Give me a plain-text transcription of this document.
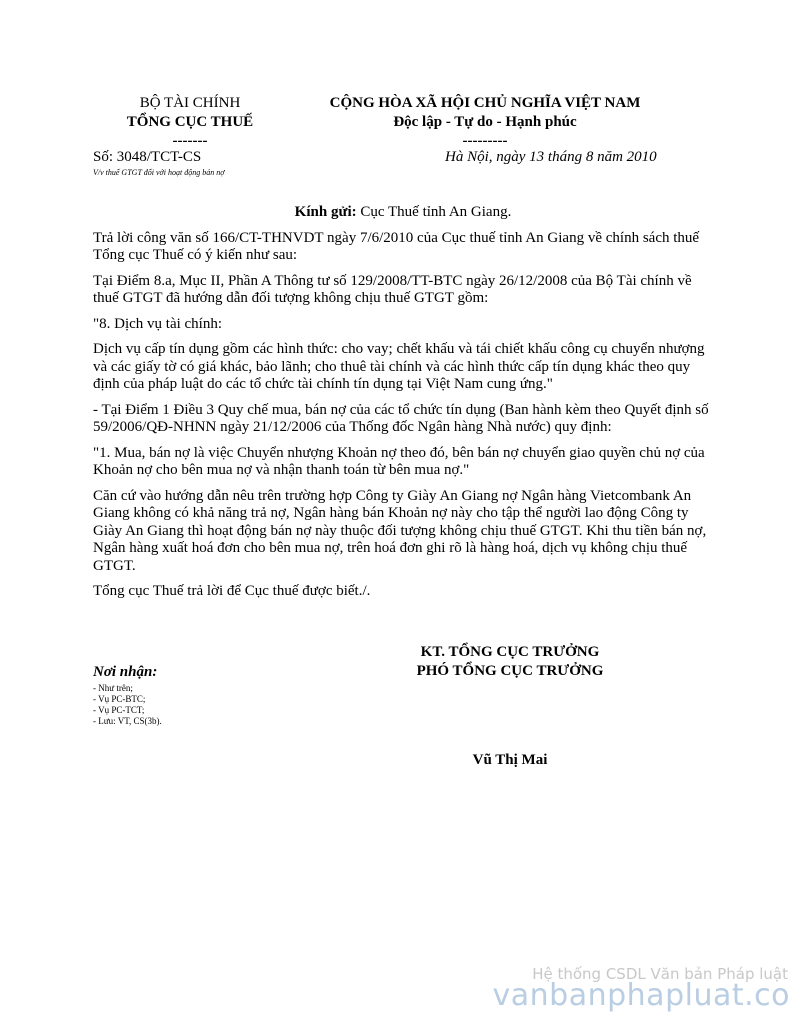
BỘ TÀI CHÍNH
TỔNG CỤC THUẾ
-------
CỘNG HÒA XÃ HỘI CHỦ NGHĨA VIỆT NAM
Độc lập - Tự do - Hạnh phúc
---------
Số: 3048/TCT-CS	Hà Nội, ngày 13 tháng 8 năm 2010
V/v thuế GTGT đối với hoạt động bán nợ

Kính gửi: Cục Thuế tỉnh An Giang.

Trả lời công văn số 166/CT-THNVDT ngày 7/6/2010 của Cục thuế tỉnh An Giang về chính sách thuế Tổng cục Thuế có ý kiến như sau:

Tại Điểm 8.a, Mục II, Phần A Thông tư số 129/2008/TT-BTC ngày 26/12/2008 của Bộ Tài chính về thuế GTGT đã hướng dẫn đối tượng không chịu thuế GTGT gồm:

"8. Dịch vụ tài chính:

Dịch vụ cấp tín dụng gồm các hình thức: cho vay; chết khấu và tái chiết khấu công cụ chuyển nhượng và các giấy tờ có giá khác, bảo lãnh; cho thuê tài chính và các hình thức cấp tín dụng khác theo quy định của pháp luật do các tổ chức tài chính tín dụng tại Việt Nam cung ứng."

- Tại Điểm 1 Điều 3 Quy chế mua, bán nợ của các tổ chức tín dụng (Ban hành kèm theo Quyết định số 59/2006/QĐ-NHNN ngày 21/12/2006 của Thống đốc Ngân hàng Nhà nước) quy định:

"1. Mua, bán nợ là việc Chuyển nhượng Khoản nợ theo đó, bên bán nợ chuyển giao quyền chủ nợ của Khoản nợ cho bên mua nợ và nhận thanh toán từ bên mua nợ."

Căn cứ vào hướng dẫn nêu trên trường hợp Công ty Giày An Giang nợ Ngân hàng Vietcombank An Giang không có khả năng trả nợ, Ngân hàng bán Khoản nợ này cho tập thể người lao động Công ty Giày An Giang thì hoạt động bán nợ này thuộc đối tượng không chịu thuế GTGT. Khi thu tiền bán nợ, Ngân hàng xuất hoá đơn cho bên mua nợ, trên hoá đơn ghi rõ là hàng hoá, dịch vụ không chịu thuế GTGT.

Tổng cục Thuế trả lời để Cục thuế được biết./.

Nơi nhận:
- Như trên;
- Vụ PC-BTC;
- Vụ PC-TCT;
- Lưu: VT, CS(3b).
KT. TỔNG CỤC TRƯỞNG
PHÓ TỔNG CỤC TRƯỞNG
Vũ Thị Mai
Hệ thống CSDL Văn bản Pháp luật
vanbanphapluat.co
